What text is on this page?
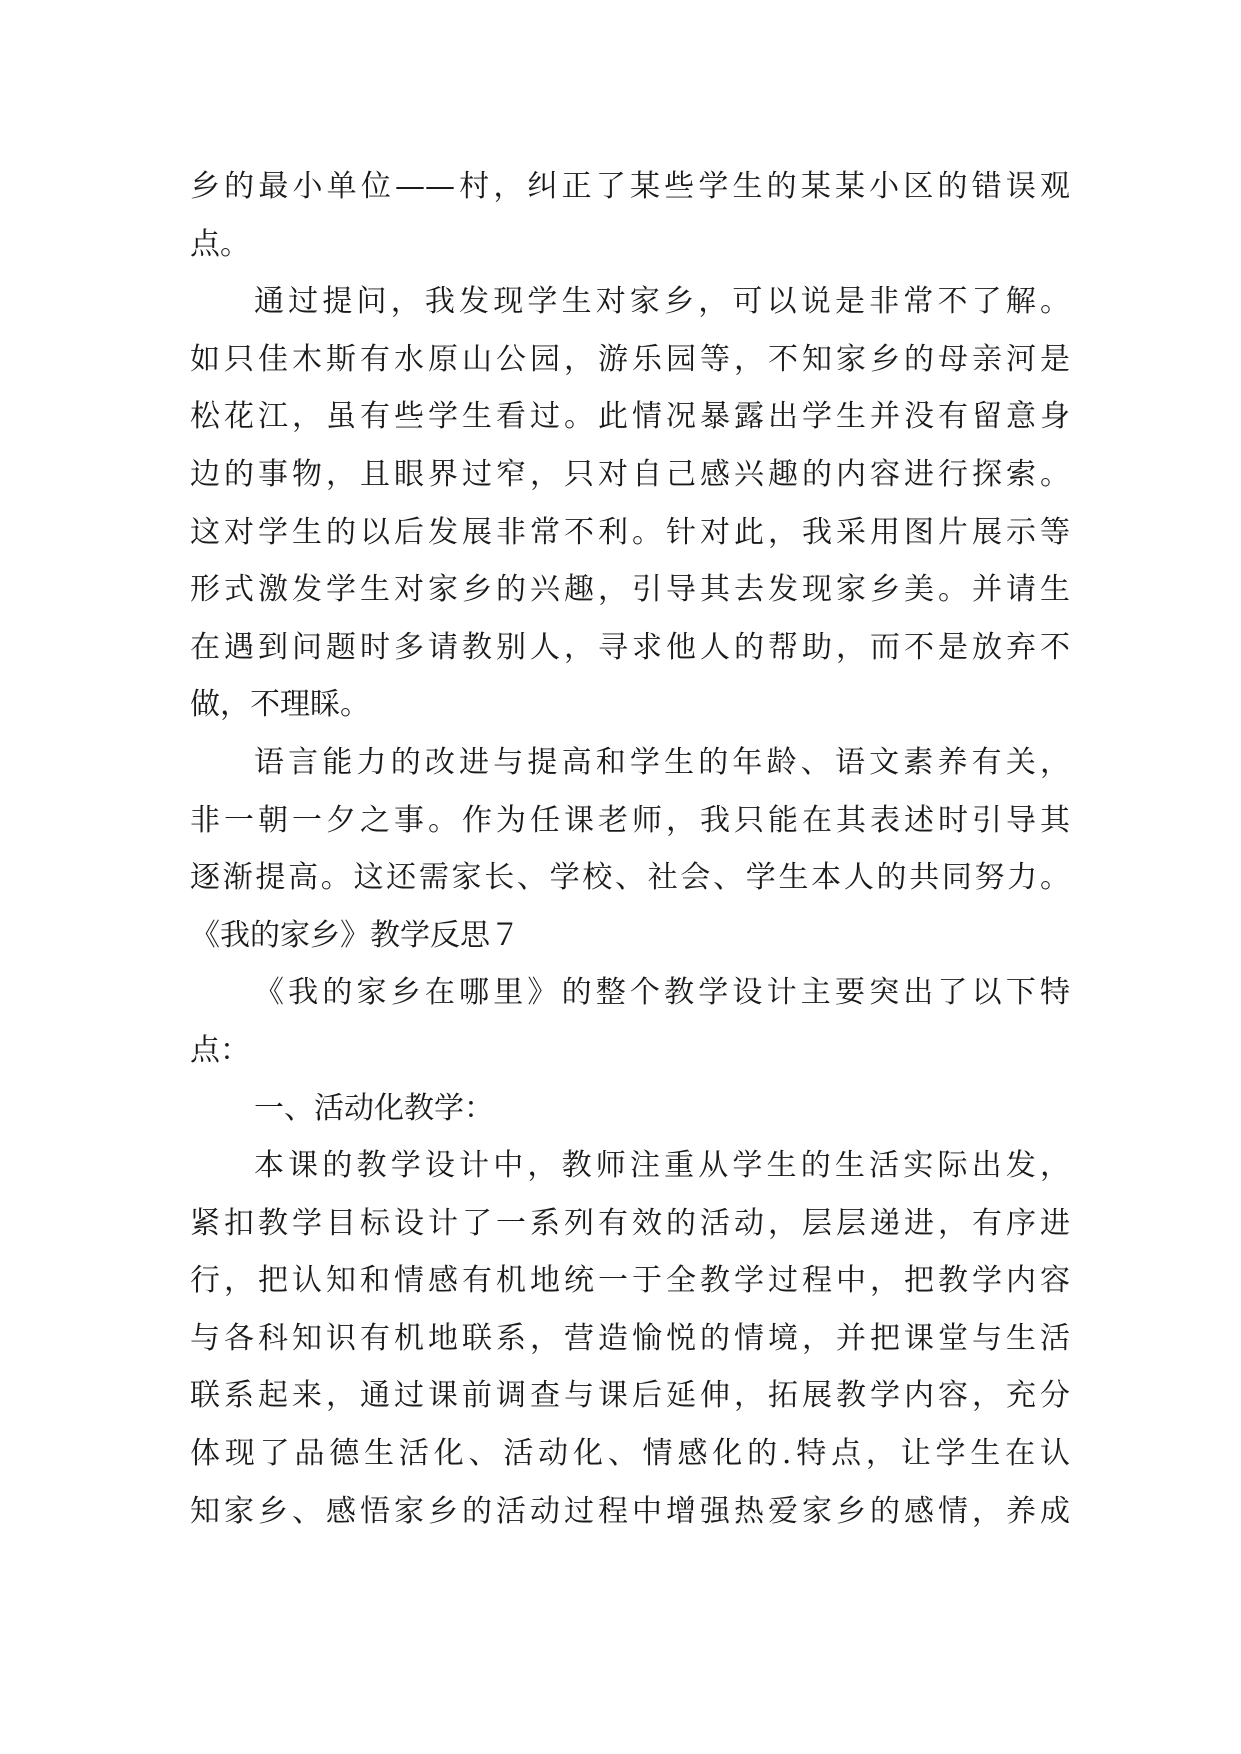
乡的最小单位——村，纠正了某些学生的某某小区的错误观
点。
通过提问，我发现学生对家乡，可以说是非常不了解。
如只佳木斯有水原山公园，游乐园等，不知家乡的母亲河是
松花江，虽有些学生看过。此情况暴露出学生并没有留意身
边的事物，且眼界过窄，只对自己感兴趣的内容进行探索。
这对学生的以后发展非常不利。针对此，我采用图片展示等
形式激发学生对家乡的兴趣，引导其去发现家乡美。并请生
在遇到问题时多请教别人，寻求他人的帮助，而不是放弃不
做，不理睬。
语言能力的改进与提高和学生的年龄、语文素养有关，
非一朝一夕之事。作为任课老师，我只能在其表述时引导其
逐渐提高。这还需家长、学校、社会、学生本人的共同努力。
《我的家乡》教学反思７
《我的家乡在哪里》的整个教学设计主要突出了以下特
点：
一、活动化教学：
本课的教学设计中，教师注重从学生的生活实际出发，
紧扣教学目标设计了一系列有效的活动，层层递进，有序进
行，把认知和情感有机地统一于全教学过程中，把教学内容
与各科知识有机地联系，营造愉悦的情境，并把课堂与生活
联系起来，通过课前调查与课后延伸，拓展教学内容，充分
体现了品德生活化、活动化、情感化的.特点，让学生在认
知家乡、感悟家乡的活动过程中增强热爱家乡的感情，养成
